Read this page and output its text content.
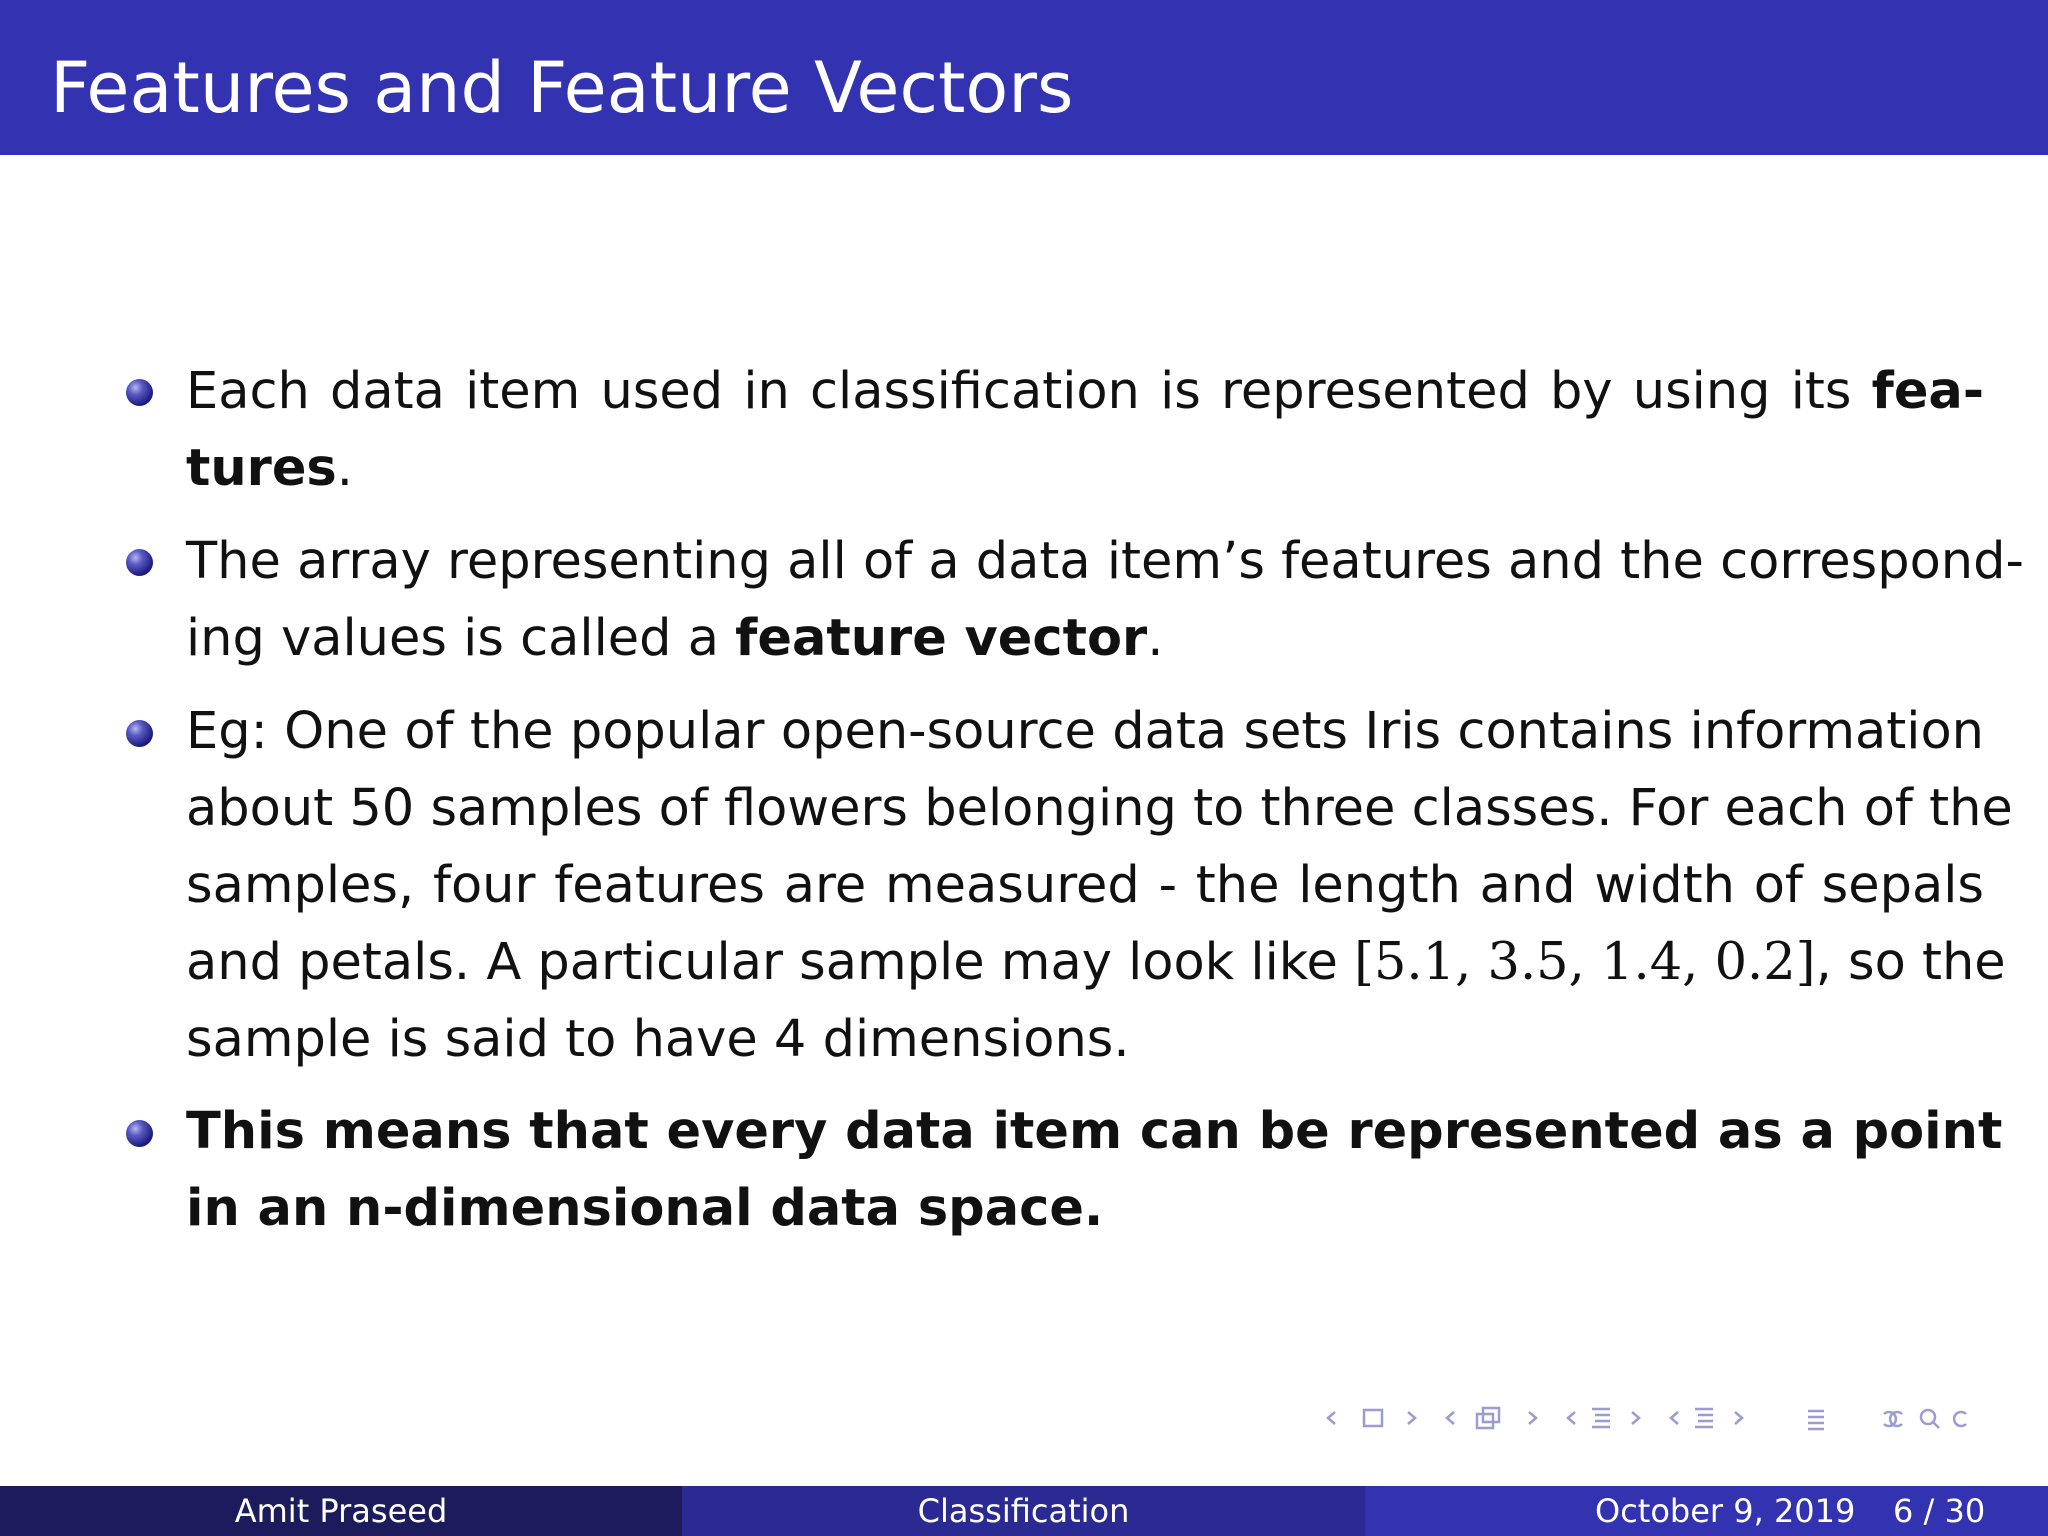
Features and Feature Vectors
Each data item used in classification is represented by using its fea-
tures.
The array representing all of a data item’s features and the correspond-
ing values is called a feature vector.
Eg: One of the popular open-source data sets Iris contains information
about 50 samples of flowers belonging to three classes. For each of the
samples, four features are measured - the length and width of sepals
and petals. A particular sample may look like [5.1, 3.5, 1.4, 0.2], so the
sample is said to have 4 dimensions.
This means that every data item can be represented as a point
in an n-dimensional data space.
Amit Praseed	Classification	October 9, 2019 6 / 30
